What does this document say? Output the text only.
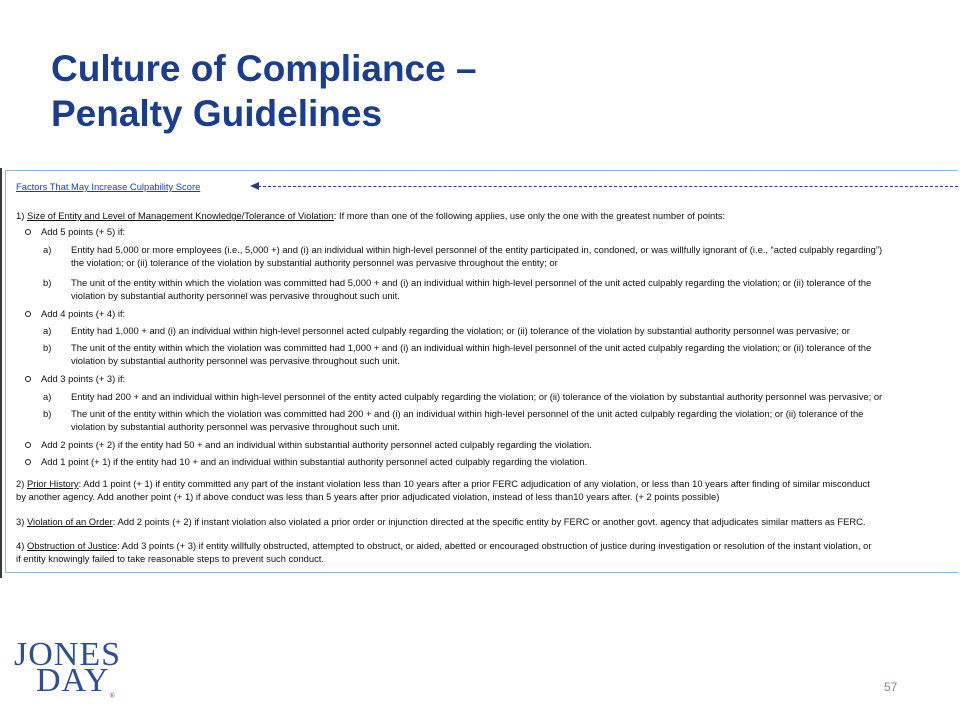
Culture of Compliance –
Penalty Guidelines
Factors That May Increase Culpability Score
1) Size of Entity and Level of Management Knowledge/Tolerance of Violation: If more than one of the following applies, use only the one with the greatest number of points:
Add 5 points (+ 5) if:
a) Entity had 5,000 or more employees (i.e., 5,000 +) and (i) an individual within high-level personnel of the entity participated in, condoned, or was willfully ignorant of (i.e., “acted culpably regarding”)
the violation; or (ii) tolerance of the violation by substantial authority personnel was pervasive throughout the entity; or
b) The unit of the entity within which the violation was committed had 5,000 + and (i) an individual within high-level personnel of the unit acted culpably regarding the violation; or (ii) tolerance of the
violation by substantial authority personnel was pervasive throughout such unit.
Add 4 points (+ 4) if:
a) Entity had 1,000 + and (i) an individual within high-level personnel acted culpably regarding the violation; or (ii) tolerance of the violation by substantial authority personnel was pervasive; or
b) The unit of the entity within which the violation was committed had 1,000 + and (i) an individual within high-level personnel of the unit acted culpably regarding the violation; or (ii) tolerance of the
violation by substantial authority personnel was pervasive throughout such unit.
Add 3 points (+ 3) if:
a) Entity had 200 + and an individual within high-level personnel of the entity acted culpably regarding the violation; or (ii) tolerance of the violation by substantial authority personnel was pervasive; or
b) The unit of the entity within which the violation was committed had 200 + and (i) an individual within high-level personnel of the unit acted culpably regarding the violation; or (ii) tolerance of the
violation by substantial authority personnel was pervasive throughout such unit.
Add 2 points (+ 2) if the entity had 50 + and an individual within substantial authority personnel acted culpably regarding the violation.
Add 1 point (+ 1) if the entity had 10 + and an individual within substantial authority personnel acted culpably regarding the violation.
2) Prior History: Add 1 point (+ 1) if entity committed any part of the instant violation less than 10 years after a prior FERC adjudication of any violation, or less than 10 years after finding of similar misconduct
by another agency. Add another point (+ 1) if above conduct was less than 5 years after prior adjudicated violation, instead of less than10 years after. (+ 2 points possible)
3) Violation of an Order: Add 2 points (+ 2) if instant violation also violated a prior order or injunction directed at the specific entity by FERC or another govt. agency that adjudicates similar matters as FERC.
4) Obstruction of Justice: Add 3 points (+ 3) if entity willfully obstructed, attempted to obstruct, or aided, abetted or encouraged obstruction of justice during investigation or resolution of the instant violation, or
if entity knowingly failed to take reasonable steps to prevent such conduct.
JONES
DAY®
57
